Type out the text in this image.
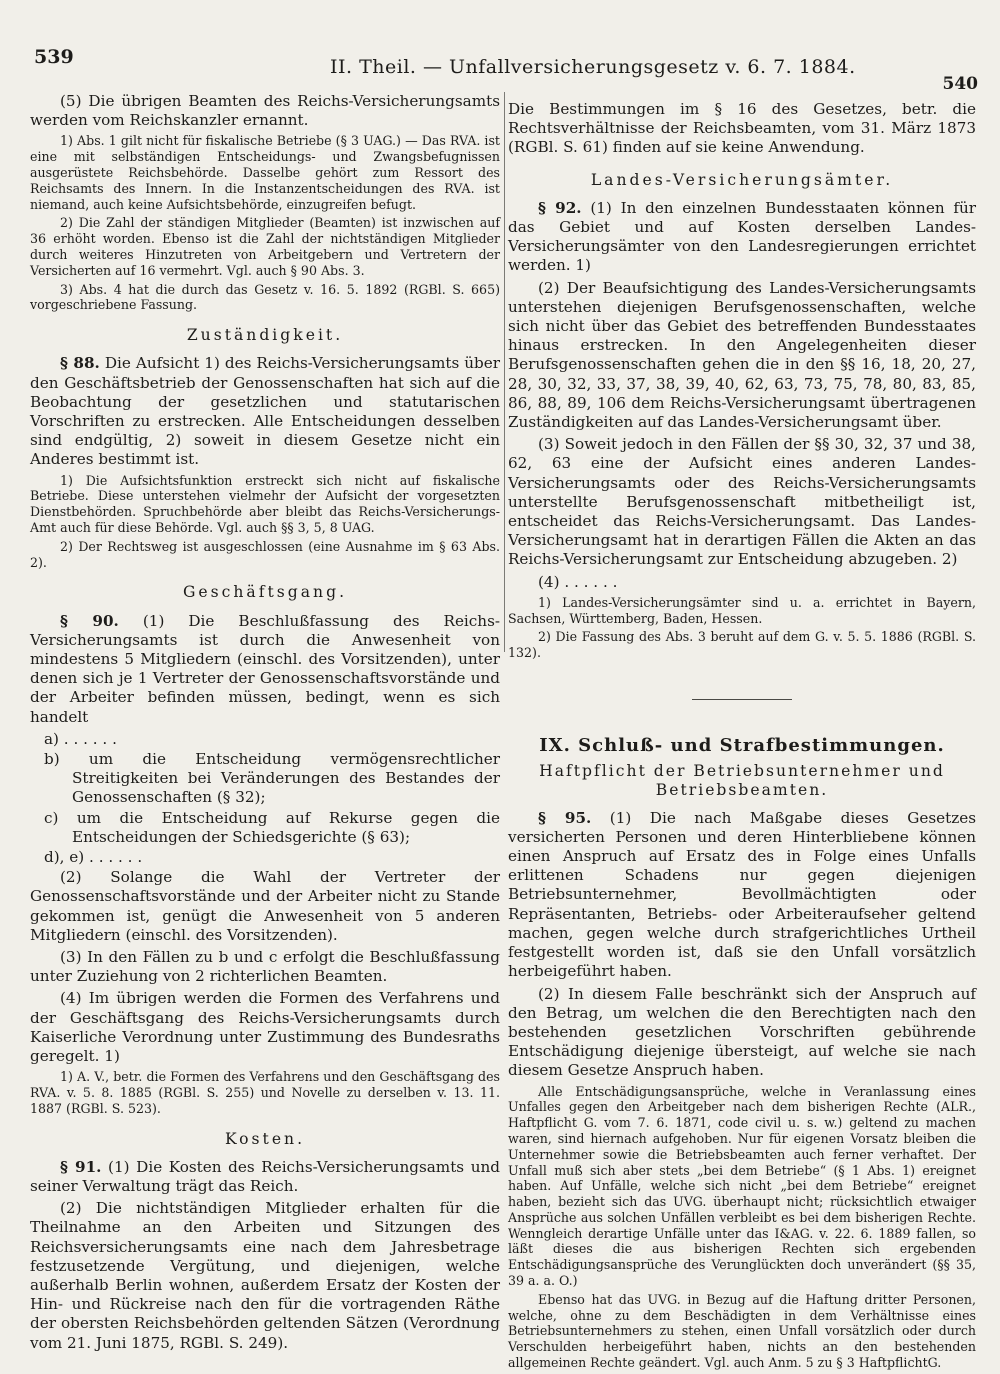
539	II. Theil. — Unfallversicherungsgesetz v. 6. 7. 1884.
540

(5) Die übrigen Beamten des Reichs-Versicherungsamts werden vom Reichskanzler ernannt.

1) Abs. 1 gilt nicht für fiskalische Betriebe (§ 3 UAG.) — Das RVA. ist eine mit selbständigen Entscheidungs- und Zwangsbefugnissen ausgerüstete Reichsbehörde. Dasselbe gehört zum Ressort des Reichsamts des Innern. In die Instanzentscheidungen des RVA. ist niemand, auch keine Aufsichtsbehörde, einzugreifen befugt.

2) Die Zahl der ständigen Mitglieder (Beamten) ist inzwischen auf 36 erhöht worden. Ebenso ist die Zahl der nichtständigen Mitglieder durch weiteres Hinzutreten von Arbeitgebern und Vertretern der Versicherten auf 16 vermehrt. Vgl. auch § 90 Abs. 3.

3) Abs. 4 hat die durch das Gesetz v. 16. 5. 1892 (RGBl. S. 665) vorgeschriebene Fassung.

Zuständigkeit.

§ 88. Die Aufsicht 1) des Reichs-Versicherungsamts über den Geschäftsbetrieb der Genossenschaften hat sich auf die Beobachtung der gesetzlichen und statutarischen Vorschriften zu erstrecken. Alle Entscheidungen desselben sind endgültig, 2) soweit in diesem Gesetze nicht ein Anderes bestimmt ist.

1) Die Aufsichtsfunktion erstreckt sich nicht auf fiskalische Betriebe. Diese unterstehen vielmehr der Aufsicht der vorgesetzten Dienstbehörden. Spruchbehörde aber bleibt das Reichs-Versicherungs-Amt auch für diese Behörde. Vgl. auch §§ 3, 5, 8 UAG.

2) Der Rechtsweg ist ausgeschlossen (eine Ausnahme im § 63 Abs. 2).

Geschäftsgang.

§ 90. (1) Die Beschlußfassung des Reichs-Versicherungsamts ist durch die Anwesenheit von mindestens 5 Mitgliedern (einschl. des Vorsitzenden), unter denen sich je 1 Vertreter der Genossenschaftsvorstände und der Arbeiter befinden müssen, bedingt, wenn es sich handelt

a) . . . . . .

b) um die Entscheidung vermögensrechtlicher Streitigkeiten bei Veränderungen des Bestandes der Genossenschaften (§ 32);

c) um die Entscheidung auf Rekurse gegen die Entscheidungen der Schiedsgerichte (§ 63);

d), e) . . . . . .

(2) Solange die Wahl der Vertreter der Genossenschaftsvorstände und der Arbeiter nicht zu Stande gekommen ist, genügt die Anwesenheit von 5 anderen Mitgliedern (einschl. des Vorsitzenden).

(3) In den Fällen zu b und c erfolgt die Beschlußfassung unter Zuziehung von 2 richterlichen Beamten.

(4) Im übrigen werden die Formen des Verfahrens und der Geschäftsgang des Reichs-Versicherungsamts durch Kaiserliche Verordnung unter Zustimmung des Bundesraths geregelt. 1)

1) A. V., betr. die Formen des Verfahrens und den Geschäftsgang des RVA. v. 5. 8. 1885 (RGBl. S. 255) und Novelle zu derselben v. 13. 11. 1887 (RGBl. S. 523).

Kosten.

§ 91. (1) Die Kosten des Reichs-Versicherungsamts und seiner Verwaltung trägt das Reich.

(2) Die nichtständigen Mitglieder erhalten für die Theilnahme an den Arbeiten und Sitzungen des Reichsversicherungsamts eine nach dem Jahresbetrage festzusetzende Vergütung, und diejenigen, welche außerhalb Berlin wohnen, außerdem Ersatz der Kosten der Hin- und Rückreise nach den für die vortragenden Räthe der obersten Reichsbehörden geltenden Sätzen (Verordnung vom 21. Juni 1875, RGBl. S. 249).

Die Bestimmungen im § 16 des Gesetzes, betr. die Rechtsverhältnisse der Reichsbeamten, vom 31. März 1873 (RGBl. S. 61) finden auf sie keine Anwendung.

Landes-Versicherungsämter.

§ 92. (1) In den einzelnen Bundesstaaten können für das Gebiet und auf Kosten derselben Landes-Versicherungsämter von den Landesregierungen errichtet werden. 1)

(2) Der Beaufsichtigung des Landes-Versicherungsamts unterstehen diejenigen Berufsgenossenschaften, welche sich nicht über das Gebiet des betreffenden Bundesstaates hinaus erstrecken. In den Angelegenheiten dieser Berufsgenossenschaften gehen die in den §§ 16, 18, 20, 27, 28, 30, 32, 33, 37, 38, 39, 40, 62, 63, 73, 75, 78, 80, 83, 85, 86, 88, 89, 106 dem Reichs-Versicherungsamt übertragenen Zuständigkeiten auf das Landes-Versicherungsamt über.

(3) Soweit jedoch in den Fällen der §§ 30, 32, 37 und 38, 62, 63 eine der Aufsicht eines anderen Landes-Versicherungsamts oder des Reichs-Versicherungsamts unterstellte Berufsgenossenschaft mitbetheiligt ist, entscheidet das Reichs-Versicherungsamt. Das Landes-Versicherungsamt hat in derartigen Fällen die Akten an das Reichs-Versicherungsamt zur Entscheidung abzugeben. 2)

(4) . . . . . .

1) Landes-Versicherungsämter sind u. a. errichtet in Bayern, Sachsen, Württemberg, Baden, Hessen.

2) Die Fassung des Abs. 3 beruht auf dem G. v. 5. 5. 1886 (RGBl. S. 132).

IX. Schluß- und Strafbestimmungen.
Haftpflicht der Betriebsunternehmer und Betriebsbeamten.

§ 95. (1) Die nach Maßgabe dieses Gesetzes versicherten Personen und deren Hinterbliebene können einen Anspruch auf Ersatz des in Folge eines Unfalls erlittenen Schadens nur gegen diejenigen Betriebsunternehmer, Bevollmächtigten oder Repräsentanten, Betriebs- oder Arbeiteraufseher geltend machen, gegen welche durch strafgerichtliches Urtheil festgestellt worden ist, daß sie den Unfall vorsätzlich herbeigeführt haben.

(2) In diesem Falle beschränkt sich der Anspruch auf den Betrag, um welchen die den Berechtigten nach den bestehenden gesetzlichen Vorschriften gebührende Entschädigung diejenige übersteigt, auf welche sie nach diesem Gesetze Anspruch haben.

Alle Entschädigungsansprüche, welche in Veranlassung eines Unfalles gegen den Arbeitgeber nach dem bisherigen Rechte (ALR., Haftpflicht G. vom 7. 6. 1871, code civil u. s. w.) geltend zu machen waren, sind hiernach aufgehoben. Nur für eigenen Vorsatz bleiben die Unternehmer sowie die Betriebsbeamten auch ferner verhaftet. Der Unfall muß sich aber stets „bei dem Betriebe“ (§ 1 Abs. 1) ereignet haben. Auf Unfälle, welche sich nicht „bei dem Betriebe“ ereignet haben, bezieht sich das UVG. überhaupt nicht; rücksichtlich etwaiger Ansprüche aus solchen Unfällen verbleibt es bei dem bisherigen Rechte. Wenngleich derartige Unfälle unter das I&AG. v. 22. 6. 1889 fallen, so läßt dieses die aus bisherigen Rechten sich ergebenden Entschädigungsansprüche des Verunglückten doch unverändert (§§ 35, 39 a. a. O.)

Ebenso hat das UVG. in Bezug auf die Haftung dritter Personen, welche, ohne zu dem Beschädigten in dem Verhältnisse eines Betriebsunternehmers zu stehen, einen Unfall vorsätzlich oder durch Verschulden herbeigeführt haben, nichts an den bestehenden allgemeinen Rechte geändert. Vgl. auch Anm. 5 zu § 3 HaftpflichtG.
